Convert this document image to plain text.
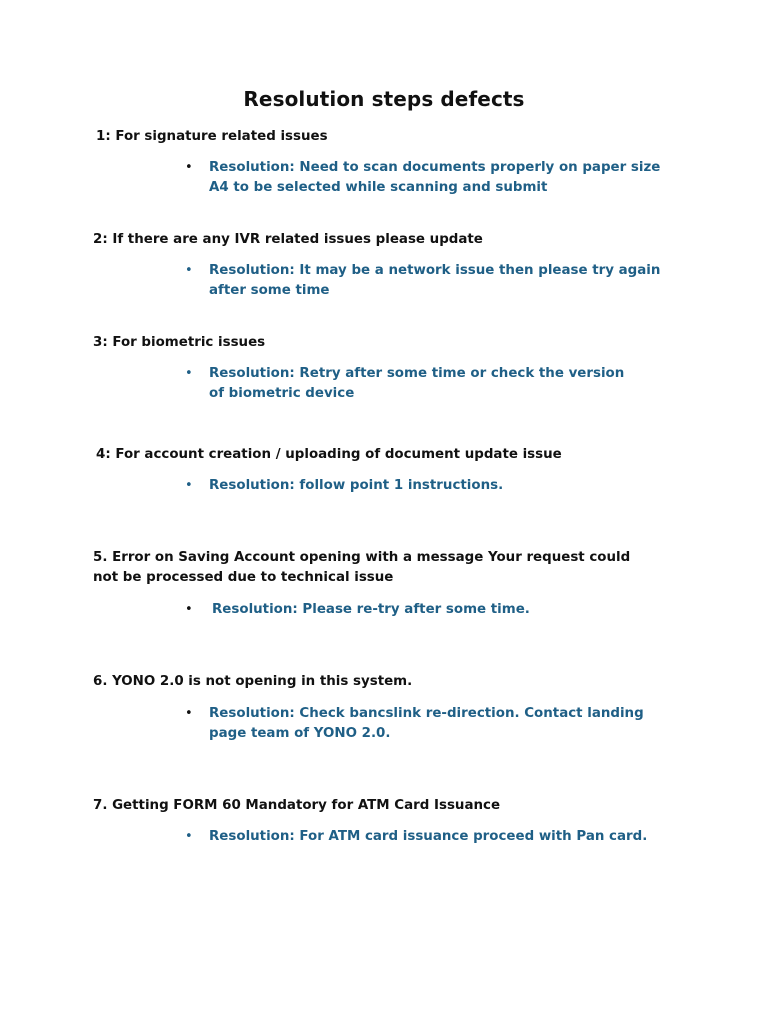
Resolution steps defects
1: For signature related issues
• Resolution: Need to scan documents properly on paper size A4 to be selected while scanning and submit
2: If there are any IVR related issues please update
• Resolution: It may be a network issue then please try again after some time
3: For biometric issues
• Resolution: Retry after some time or check the version of biometric device
4: For account creation / uploading of document update issue
• Resolution: follow point 1 instructions.
5. Error on Saving Account opening with a message Your request could not be processed due to technical issue
• Resolution: Please re-try after some time.
6. YONO 2.0 is not opening in this system.
• Resolution: Check bancslink re-direction. Contact landing page team of YONO 2.0.
7. Getting FORM 60 Mandatory for ATM Card Issuance
• Resolution: For ATM card issuance proceed with Pan card.
